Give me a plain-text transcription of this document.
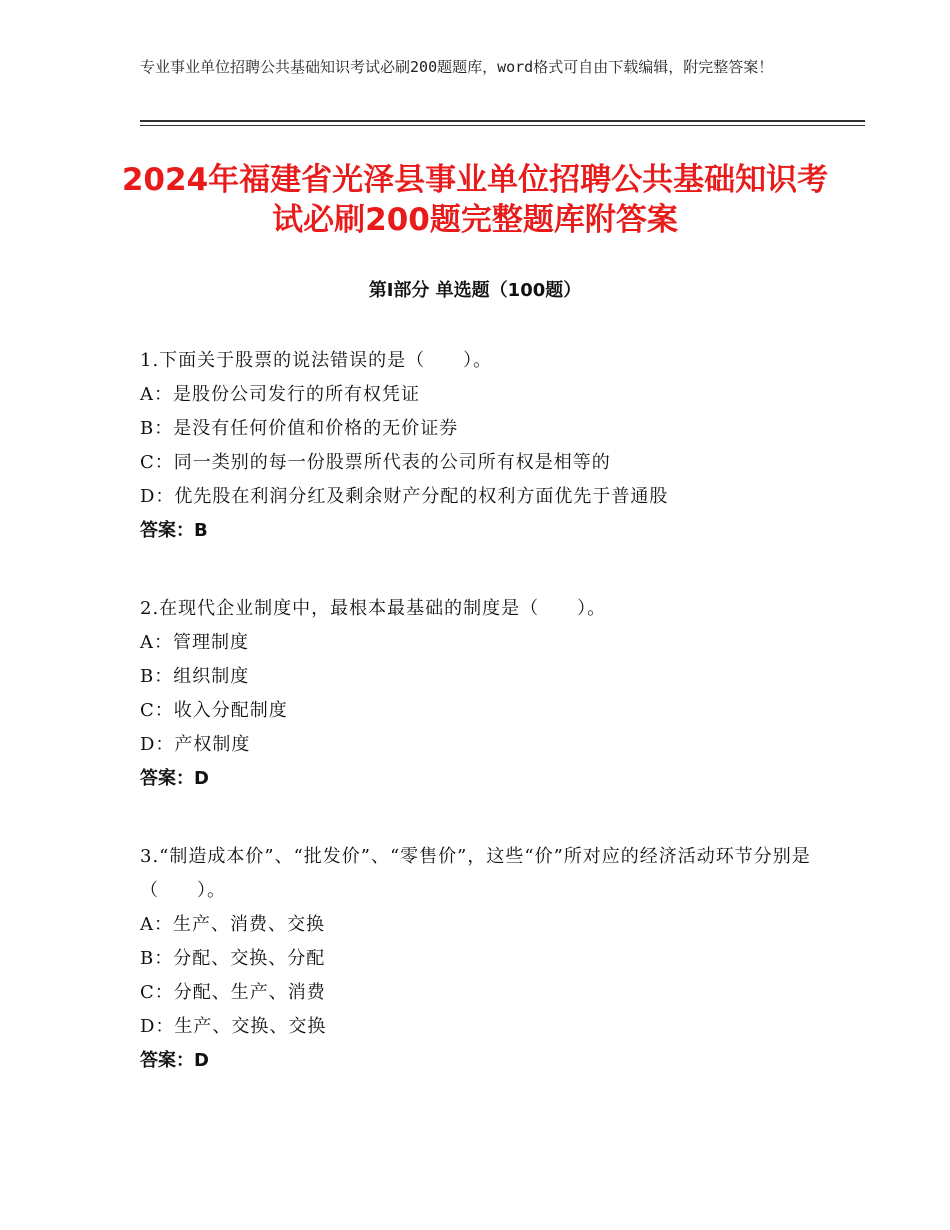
专业事业单位招聘公共基础知识考试必刷200题题库，word格式可自由下载编辑，附完整答案！
2024年福建省光泽县事业单位招聘公共基础知识考试必刷200题完整题库附答案
第Ⅰ部分 单选题（100题）
1.下面关于股票的说法错误的是（　　）。
A：是股份公司发行的所有权凭证
B：是没有任何价值和价格的无价证券
C：同一类别的每一份股票所代表的公司所有权是相等的
D：优先股在利润分红及剩余财产分配的权利方面优先于普通股
答案：B
2.在现代企业制度中，最根本最基础的制度是（　　）。
A：管理制度
B：组织制度
C：收入分配制度
D：产权制度
答案：D
3.“制造成本价”、“批发价”、“零售价”，这些“价”所对应的经济活动环节分别是（　　）。
A：生产、消费、交换
B：分配、交换、分配
C：分配、生产、消费
D：生产、交换、交换
答案：D
